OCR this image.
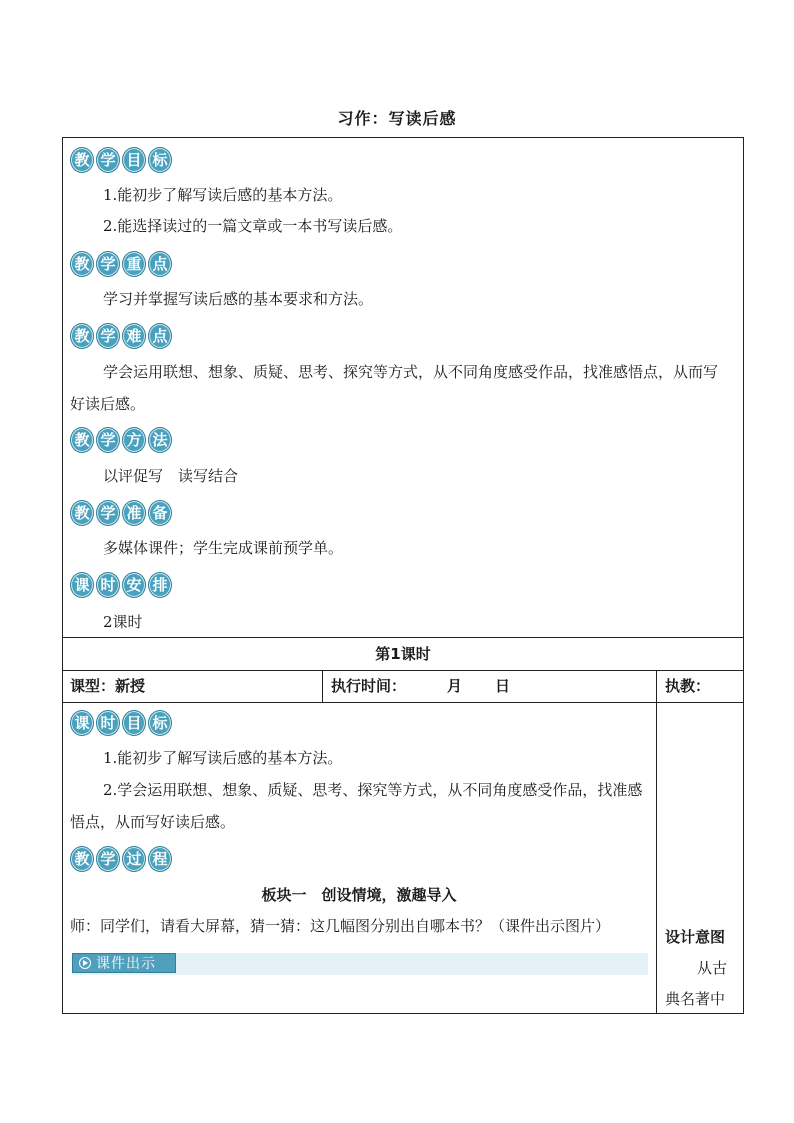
习作：写读后感
教 学 目 标
1.能初步了解写读后感的基本方法。
2.能选择读过的一篇文章或一本书写读后感。
教 学 重 点
学习并掌握写读后感的基本要求和方法。
教 学 难 点
学会运用联想、想象、质疑、思考、探究等方式，从不同角度感受作品，找准感悟点，从而写好读后感。
教 学 方 法
以评促写　读写结合
教 学 准 备
多媒体课件；学生完成课前预学单。
课 时 安 排
2课时
第1课时
课型：新授	执行时间：	月 日	执教：
课 时 目 标
1.能初步了解写读后感的基本方法。
2.学会运用联想、想象、质疑、思考、探究等方式，从不同角度感受作品，找准感悟点，从而写好读后感。
教 学 过 程
板块一　创设情境，激趣导入
师：同学们，请看大屏幕，猜一猜：这几幅图分别出自哪本书？（课件出示图片）
课件出示
设计意图
从古
典名著中
